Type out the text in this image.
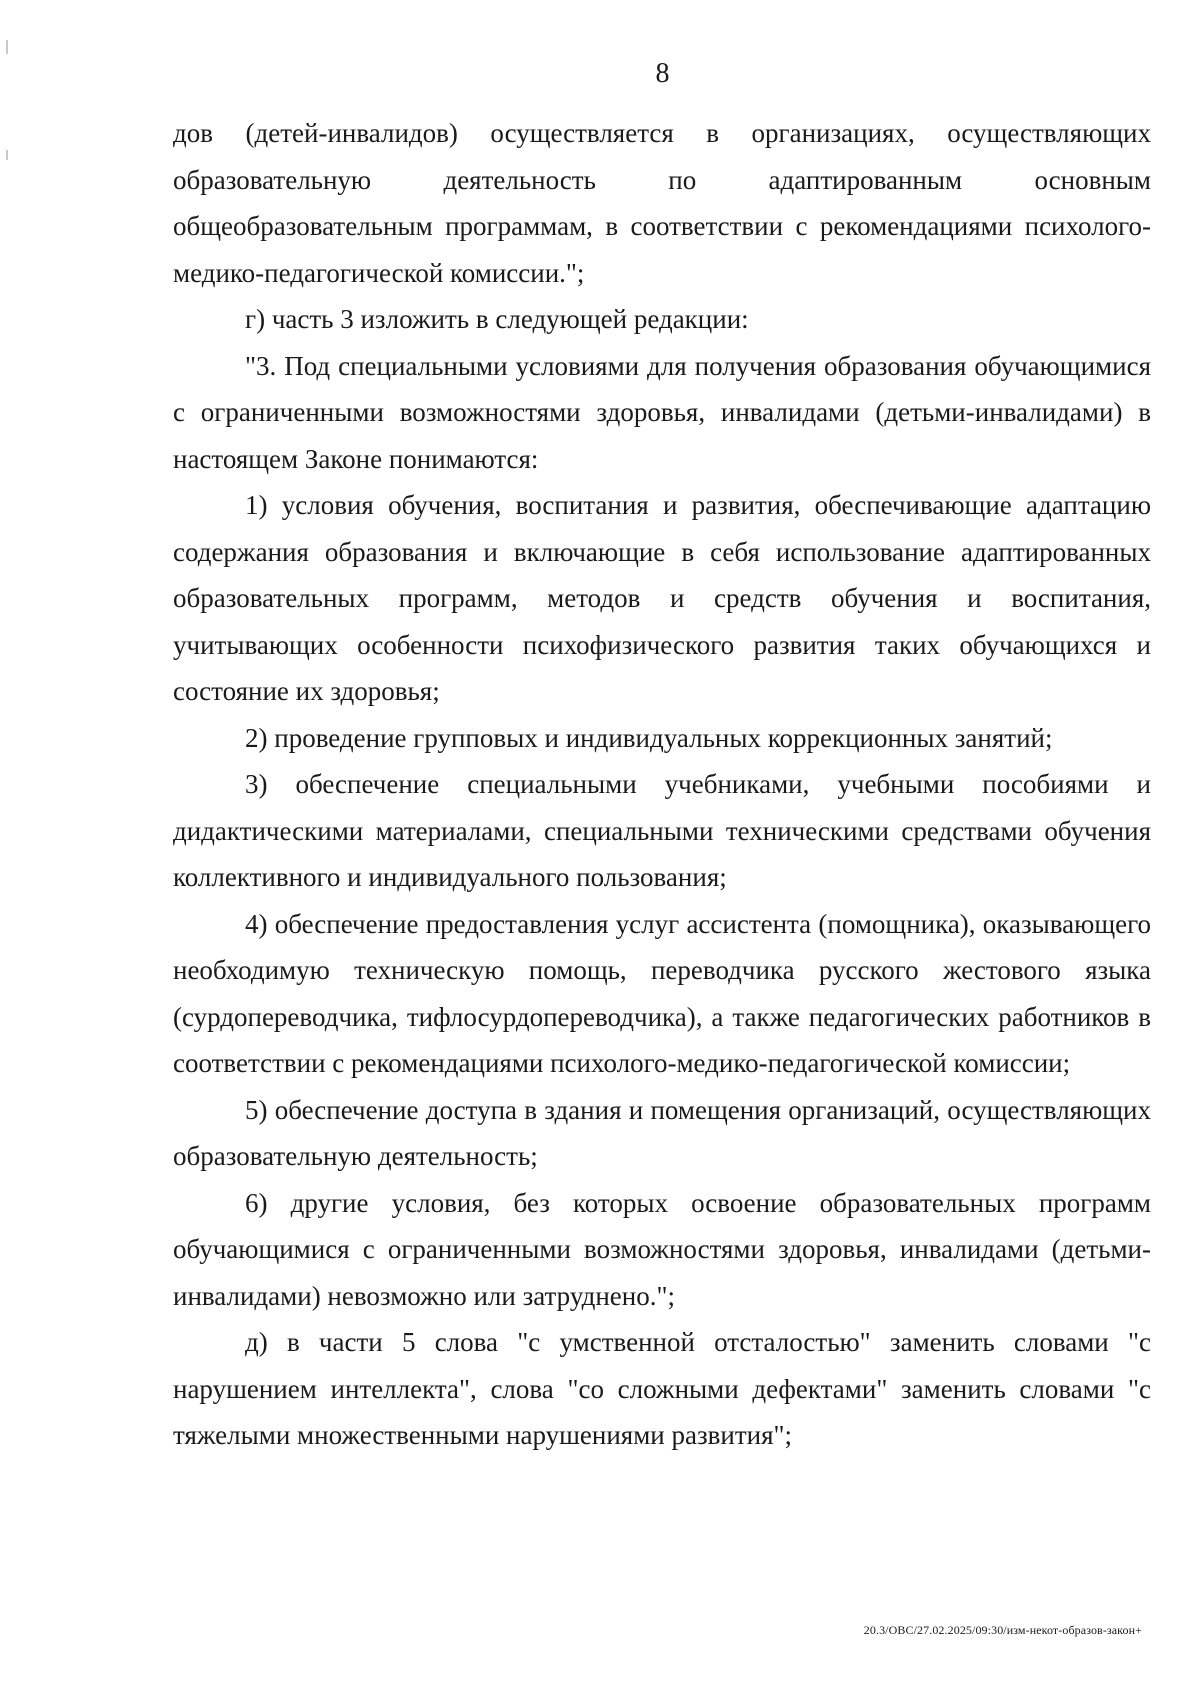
8

дов (детей-инвалидов) осуществляется в организациях, осуществляющих образовательную деятельность по адаптированным основным общеобразовательным программам, в соответствии с рекомендациями психолого-медико-педагогической комиссии.";

г) часть 3 изложить в следующей редакции:

"3. Под специальными условиями для получения образования обучающимися с ограниченными возможностями здоровья, инвалидами (детьми-инвалидами) в настоящем Законе понимаются:

1) условия обучения, воспитания и развития, обеспечивающие адаптацию содержания образования и включающие в себя использование адаптированных образовательных программ, методов и средств обучения и воспитания, учитывающих особенности психофизического развития таких обучающихся и состояние их здоровья;

2) проведение групповых и индивидуальных коррекционных занятий;

3) обеспечение специальными учебниками, учебными пособиями и дидактическими материалами, специальными техническими средствами обучения коллективного и индивидуального пользования;

4) обеспечение предоставления услуг ассистента (помощника), оказывающего необходимую техническую помощь, переводчика русского жестового языка (сурдопереводчика, тифлосурдопереводчика), а также педагогических работников в соответствии с рекомендациями психолого-медико-педагогической комиссии;

5) обеспечение доступа в здания и помещения организаций, осуществляющих образовательную деятельность;

6) другие условия, без которых освоение образовательных программ обучающимися с ограниченными возможностями здоровья, инвалидами (детьми-инвалидами) невозможно или затруднено.";

д) в части 5 слова "с умственной отсталостью" заменить словами "с нарушением интеллекта", слова "со сложными дефектами" заменить словами "с тяжелыми множественными нарушениями развития";

20.3/ОВС/27.02.2025/09:30/изм-некот-образов-закон+
